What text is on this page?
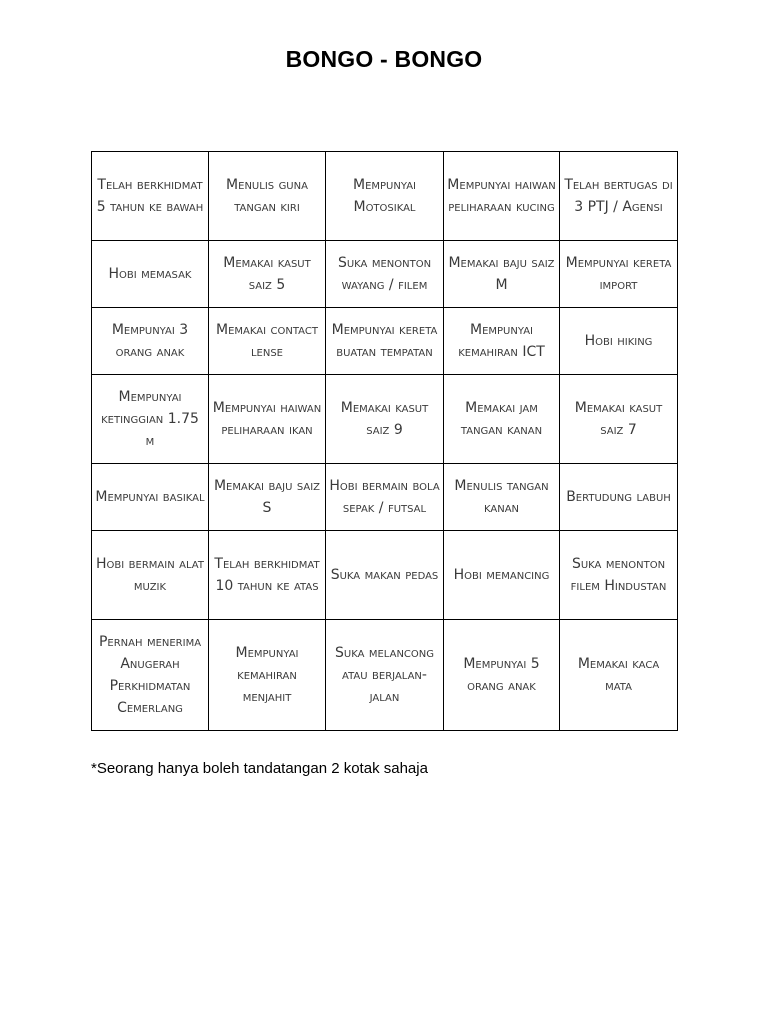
BONGO - BONGO
Telah berkhidmat 5 tahun ke bawah	Menulis guna tangan kiri	Mempunyai Motosikal	Mempunyai haiwan peliharaan kucing	Telah bertugas di 3 PTJ / Agensi
Hobi memasak	Memakai kasut saiz 5	Suka menonton wayang / filem	Memakai baju saiz M	Mempunyai kereta import
Mempunyai 3 orang anak	Memakai contact lense	Mempunyai kereta buatan tempatan	Mempunyai kemahiran ICT	Hobi hiking
Mempunyai ketinggian 1.75 m	Mempunyai haiwan peliharaan ikan	Memakai kasut saiz 9	Memakai jam tangan kanan	Memakai kasut saiz 7
Mempunyai basikal	Memakai baju saiz S	Hobi bermain bola sepak / futsal	Menulis tangan kanan	Bertudung labuh
Hobi bermain alat muzik	Telah berkhidmat 10 tahun ke atas	Suka makan pedas	Hobi memancing	Suka menonton filem Hindustan
Pernah menerima Anugerah Perkhidmatan Cemerlang	Mempunyai kemahiran menjahit	Suka melancong atau berjalan-jalan	Mempunyai 5 orang anak	Memakai kaca mata
*Seorang hanya boleh tandatangan 2 kotak sahaja
